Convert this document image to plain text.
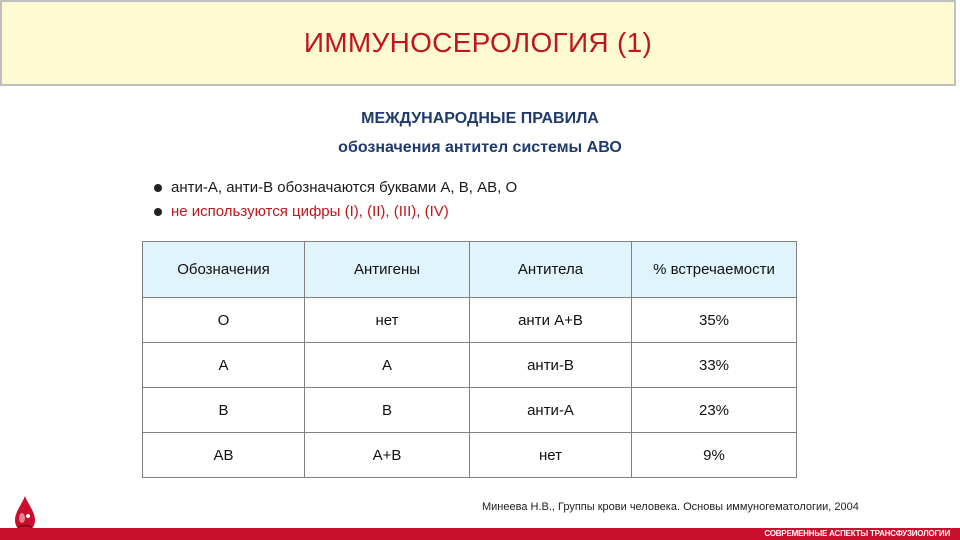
ИММУНОСЕРОЛОГИЯ (1)
МЕЖДУНАРОДНЫЕ ПРАВИЛА
обозначения антител системы АВО
анти-А, анти-В обозначаются буквами А, В, АВ, О
не используются цифры (I), (II), (III), (IV)
Обозначения	Антигены	Антитела	% встречаемости
О	нет	анти А+В	35%
А	А	анти-В	33%
В	В	анти-А	23%
АВ	А+В	нет	9%
Минеева Н.В., Группы крови человека. Основы иммуногематологии, 2004
СОВРЕМЕННЫЕ АСПЕКТЫ ТРАНСФУЗИОЛОГИИ
